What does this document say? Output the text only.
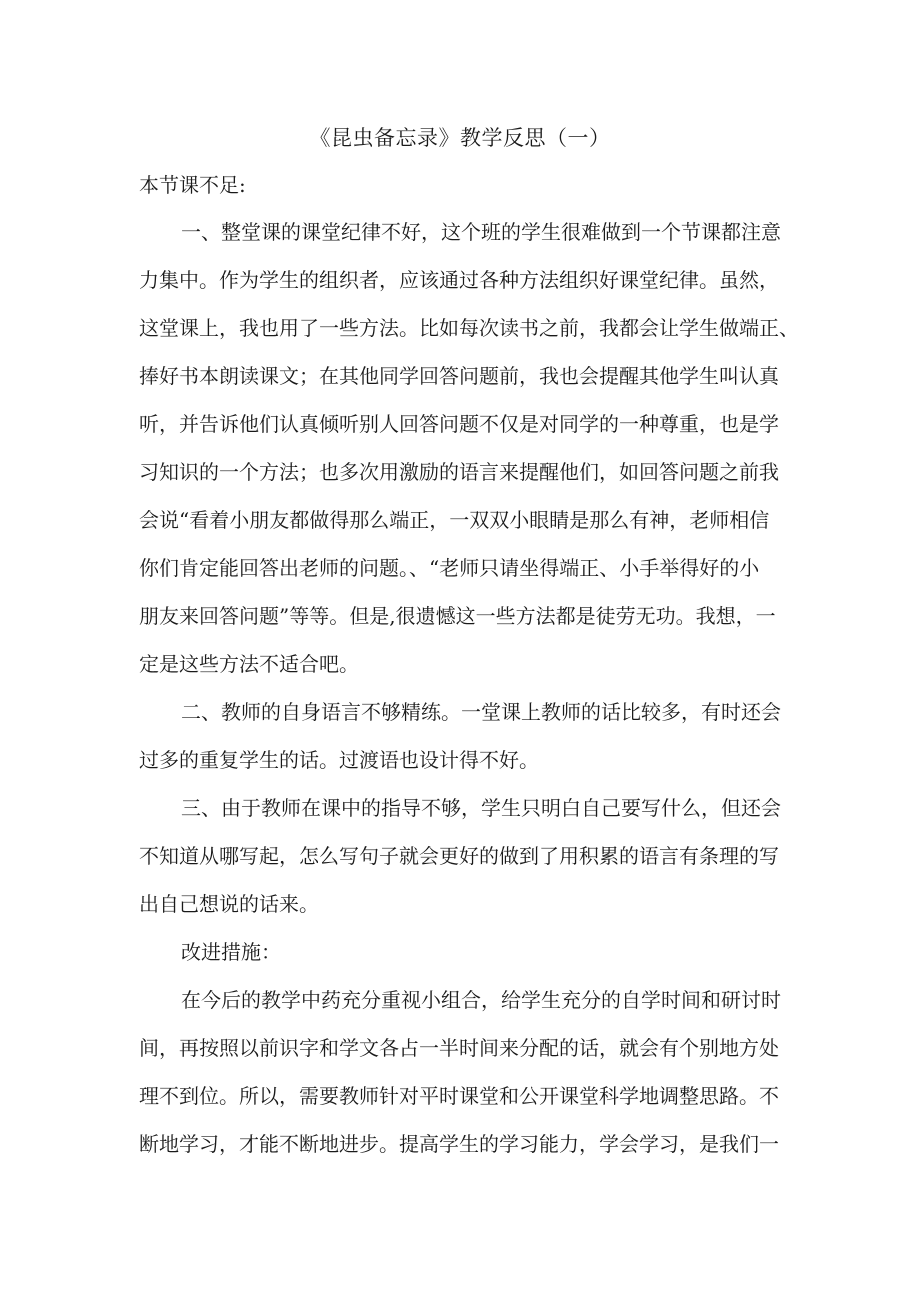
《昆虫备忘录》教学反思（一）
本节课不足:
一、整堂课的课堂纪律不好，这个班的学生很难做到一个节课都注意
力集中。作为学生的组织者，应该通过各种方法组织好课堂纪律。虽然，
这堂课上，我也用了一些方法。比如每次读书之前，我都会让学生做端正、
捧好书本朗读课文；在其他同学回答问题前，我也会提醒其他学生叫认真
听，并告诉他们认真倾听别人回答问题不仅是对同学的一种尊重，也是学
习知识的一个方法；也多次用激励的语言来提醒他们，如回答问题之前我
会说“看着小朋友都做得那么端正，一双双小眼睛是那么有神，老师相信
你们肯定能回答出老师的问题。、“老师只请坐得端正、小手举得好的小
朋友来回答问题”等等。但是,很遗憾这一些方法都是徒劳无功。我想，一
定是这些方法不适合吧。
二、教师的自身语言不够精练。一堂课上教师的话比较多，有时还会
过多的重复学生的话。过渡语也设计得不好。
三、由于教师在课中的指导不够，学生只明白自己要写什么，但还会
不知道从哪写起，怎么写句子就会更好的做到了用积累的语言有条理的写
出自己想说的话来。
改进措施：
在今后的教学中药充分重视小组合，给学生充分的自学时间和研讨时
间，再按照以前识字和学文各占一半时间来分配的话，就会有个别地方处
理不到位。所以，需要教师针对平时课堂和公开课堂科学地调整思路。不
断地学习，才能不断地进步。提高学生的学习能力，学会学习，是我们一
